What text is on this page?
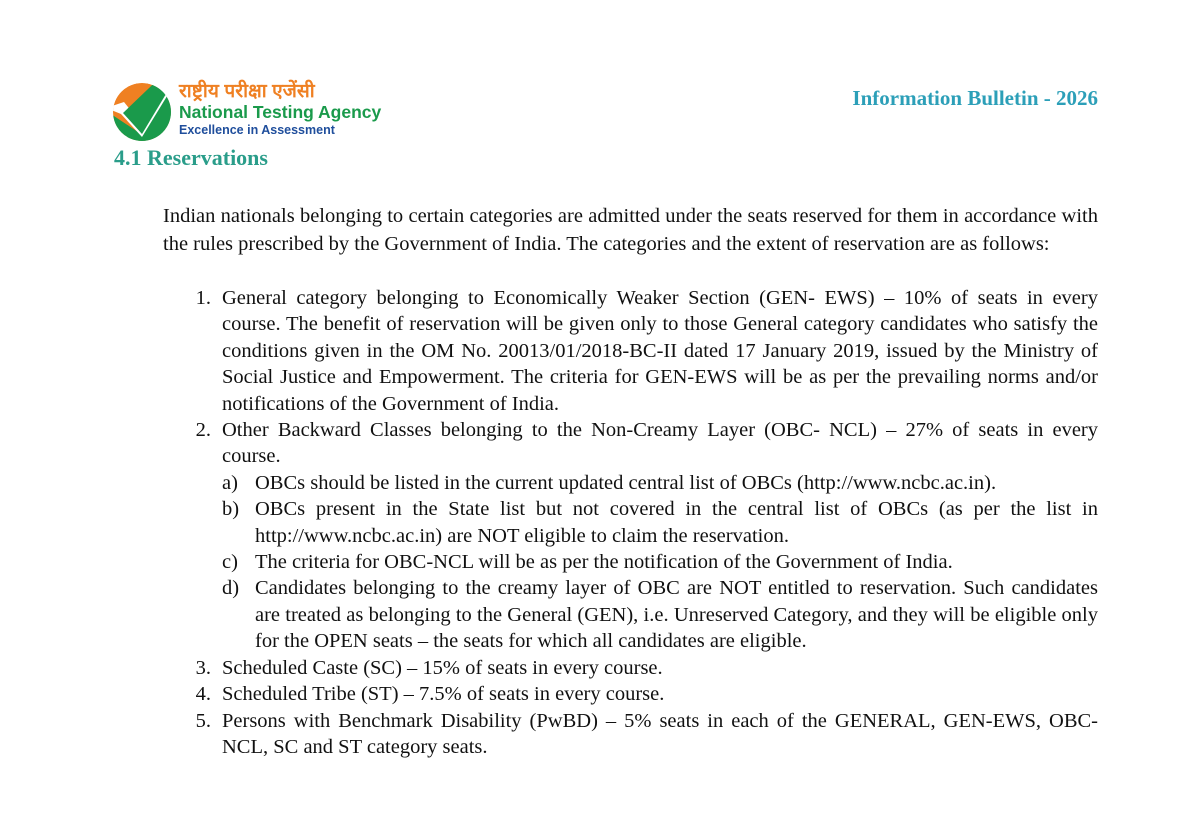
राष्ट्रीय परीक्षा एजेंसी
National Testing Agency
Excellence in Assessment
Information Bulletin - 2026
4.1 Reservations

Indian nationals belonging to certain categories are admitted under the seats reserved for them in accordance with the rules prescribed by the Government of India. The categories and the extent of reservation are as follows:

1. General category belonging to Economically Weaker Section (GEN- EWS) – 10% of seats in every course. The benefit of reservation will be given only to those General category candidates who satisfy the conditions given in the OM No. 20013/01/2018-BC-II dated 17 January 2019, issued by the Ministry of Social Justice and Empowerment. The criteria for GEN-EWS will be as per the prevailing norms and/or notifications of the Government of India.
2. Other Backward Classes belonging to the Non-Creamy Layer (OBC- NCL) – 27% of seats in every course.
a) OBCs should be listed in the current updated central list of OBCs (http://www.ncbc.ac.in).
b) OBCs present in the State list but not covered in the central list of OBCs (as per the list in http://www.ncbc.ac.in) are NOT eligible to claim the reservation.
c) The criteria for OBC-NCL will be as per the notification of the Government of India.
d) Candidates belonging to the creamy layer of OBC are NOT entitled to reservation. Such candidates are treated as belonging to the General (GEN), i.e. Unreserved Category, and they will be eligible only for the OPEN seats – the seats for which all candidates are eligible.
3. Scheduled Caste (SC) – 15% of seats in every course.
4. Scheduled Tribe (ST) – 7.5% of seats in every course.
5. Persons with Benchmark Disability (PwBD) – 5% seats in each of the GENERAL, GEN-EWS, OBC- NCL, SC and ST category seats.
